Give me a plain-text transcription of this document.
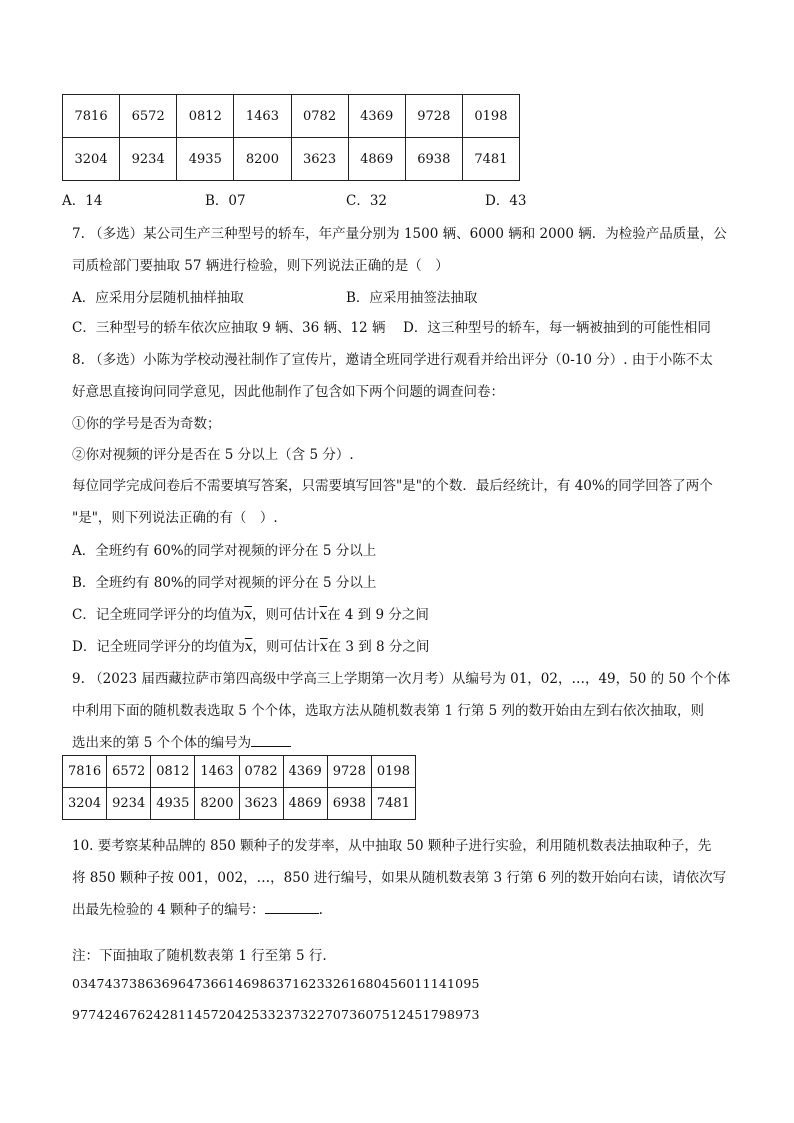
7816	6572	0812	1463	0782	4369	9728	0198
3204	9234	4935	8200	3623	4869	6938	7481
A．14	B．07	C．32	D．43
7. （多选）某公司生产三种型号的轿车，年产量分别为 1500 辆、6000 辆和 2000 辆．为检验产品质量，公
司质检部门要抽取 57 辆进行检验，则下列说法正确的是（　）
A．应采用分层随机抽样抽取	B．应采用抽签法抽取
C．三种型号的轿车依次应抽取 9 辆、36 辆、12 辆 D．这三种型号的轿车，每一辆被抽到的可能性相同
8. （多选）小陈为学校动漫社制作了宣传片，邀请全班同学进行观看并给出评分（0-10 分）. 由于小陈不太
好意思直接询问同学意见，因此他制作了包含如下两个问题的调查问卷：
①你的学号是否为奇数；
②你对视频的评分是否在 5 分以上（含 5 分）.
每位同学完成问卷后不需要填写答案，只需要填写回答"是"的个数．最后经统计，有 40%的同学回答了两个
"是"，则下列说法正确的有（　）.
A．全班约有 60%的同学对视频的评分在 5 分以上
B．全班约有 80%的同学对视频的评分在 5 分以上
C．记全班同学评分的均值为$\overline{x}$，则可估计$\overline{x}$在 4 到 9 分之间
D．记全班同学评分的均值为$\overline{x}$，则可估计$\overline{x}$在 3 到 8 分之间
9. （2023 届西藏拉萨市第四高级中学高三上学期第一次月考）从编号为 01，02，…，49，50 的 50 个个体
中利用下面的随机数表选取 5 个个体，选取方法从随机数表第 1 行第 5 列的数开始由左到右依次抽取，则
选出来的第 5 个个体的编号为
7816	6572	0812	1463	0782	4369	9728	0198
3204	9234	4935	8200	3623	4869	6938	7481
10. 要考察某种品牌的 850 颗种子的发芽率，从中抽取 50 颗种子进行实验，利用随机数表法抽取种子，先
将 850 颗种子按 001，002，…，850 进行编号，如果从随机数表第 3 行第 6 列的数开始向右读，请依次写
出最先检验的 4 颗种子的编号：	.
注：下面抽取了随机数表第 1 行至第 5 行.
03474373863696473661469863716233261680456011141095
97742467624281145720425332373227073607512451798973
